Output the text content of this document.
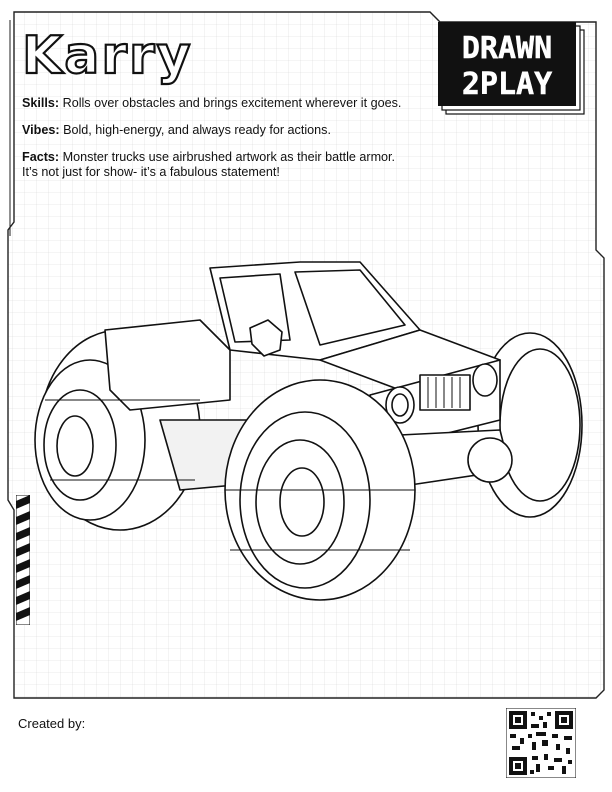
Karry
Skills: Rolls over obstacles and brings excitement wherever it goes.
Vibes: Bold, high-energy, and always ready for actions.
Facts: Monster trucks use airbrushed artwork as their battle armor.
It’s not just for show- it’s a fabulous statement!
DRAWN
2PLAY
Created by:
